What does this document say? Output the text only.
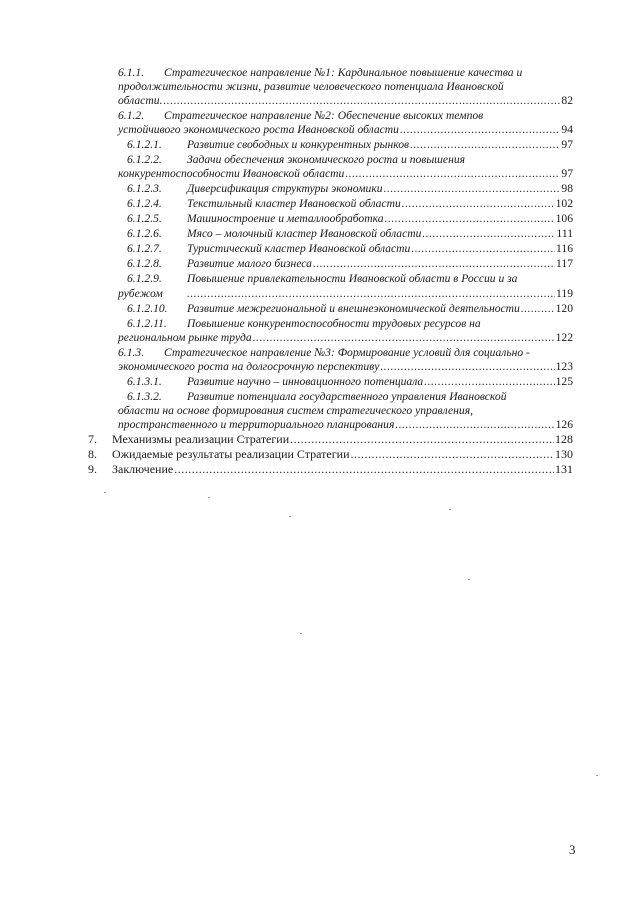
6.1.1.	Стратегическое направление №1: Кардинальное повышение качества и
продолжительности жизни, развитие человеческого потенциала Ивановской
области. .....	82
6.1.2.	Стратегическое направление №2: Обеспечение высоких темпов
устойчивого экономического роста Ивановской области .....	94
6.1.2.1.	Развитие свободных и конкурентных рынков .....	97
6.1.2.2.	Задачи обеспечения экономического роста и повышения
конкурентоспособности Ивановской области .....	97
6.1.2.3.	Диверсификация структуры экономики .....	98
6.1.2.4.	Текстильный кластер Ивановской области .....	102
6.1.2.5.	Машиностроение и металлообработка .....	106
6.1.2.6.	Мясо – молочный кластер Ивановской области .....	111
6.1.2.7.	Туристический кластер Ивановской области .....	116
6.1.2.8.	Развитие малого бизнеса .....	117
6.1.2.9.	Повышение привлекательности Ивановской области в России и за
рубежом .....	119
6.1.2.10.	Развитие межрегиональной и внешнеэкономической деятельности .....	120
6.1.2.11.	Повышение конкурентоспособности трудовых ресурсов на
региональном рынке труда .....	122
6.1.3.	Стратегическое направление №3: Формирование условий для социально -
экономического роста на долгосрочную перспективу .....	123
6.1.3.1.	Развитие научно – инновационного потенциала .....	125
6.1.3.2.	Развитие потенциала государственного управления Ивановской
области на основе формирования систем стратегического управления,
пространственного и территориального планирования .....	126
7.	Механизмы реализации Стратегии .....	128
8.	Ожидаемые результаты реализации Стратегии .....	130
9.	Заключение .....	131
3
